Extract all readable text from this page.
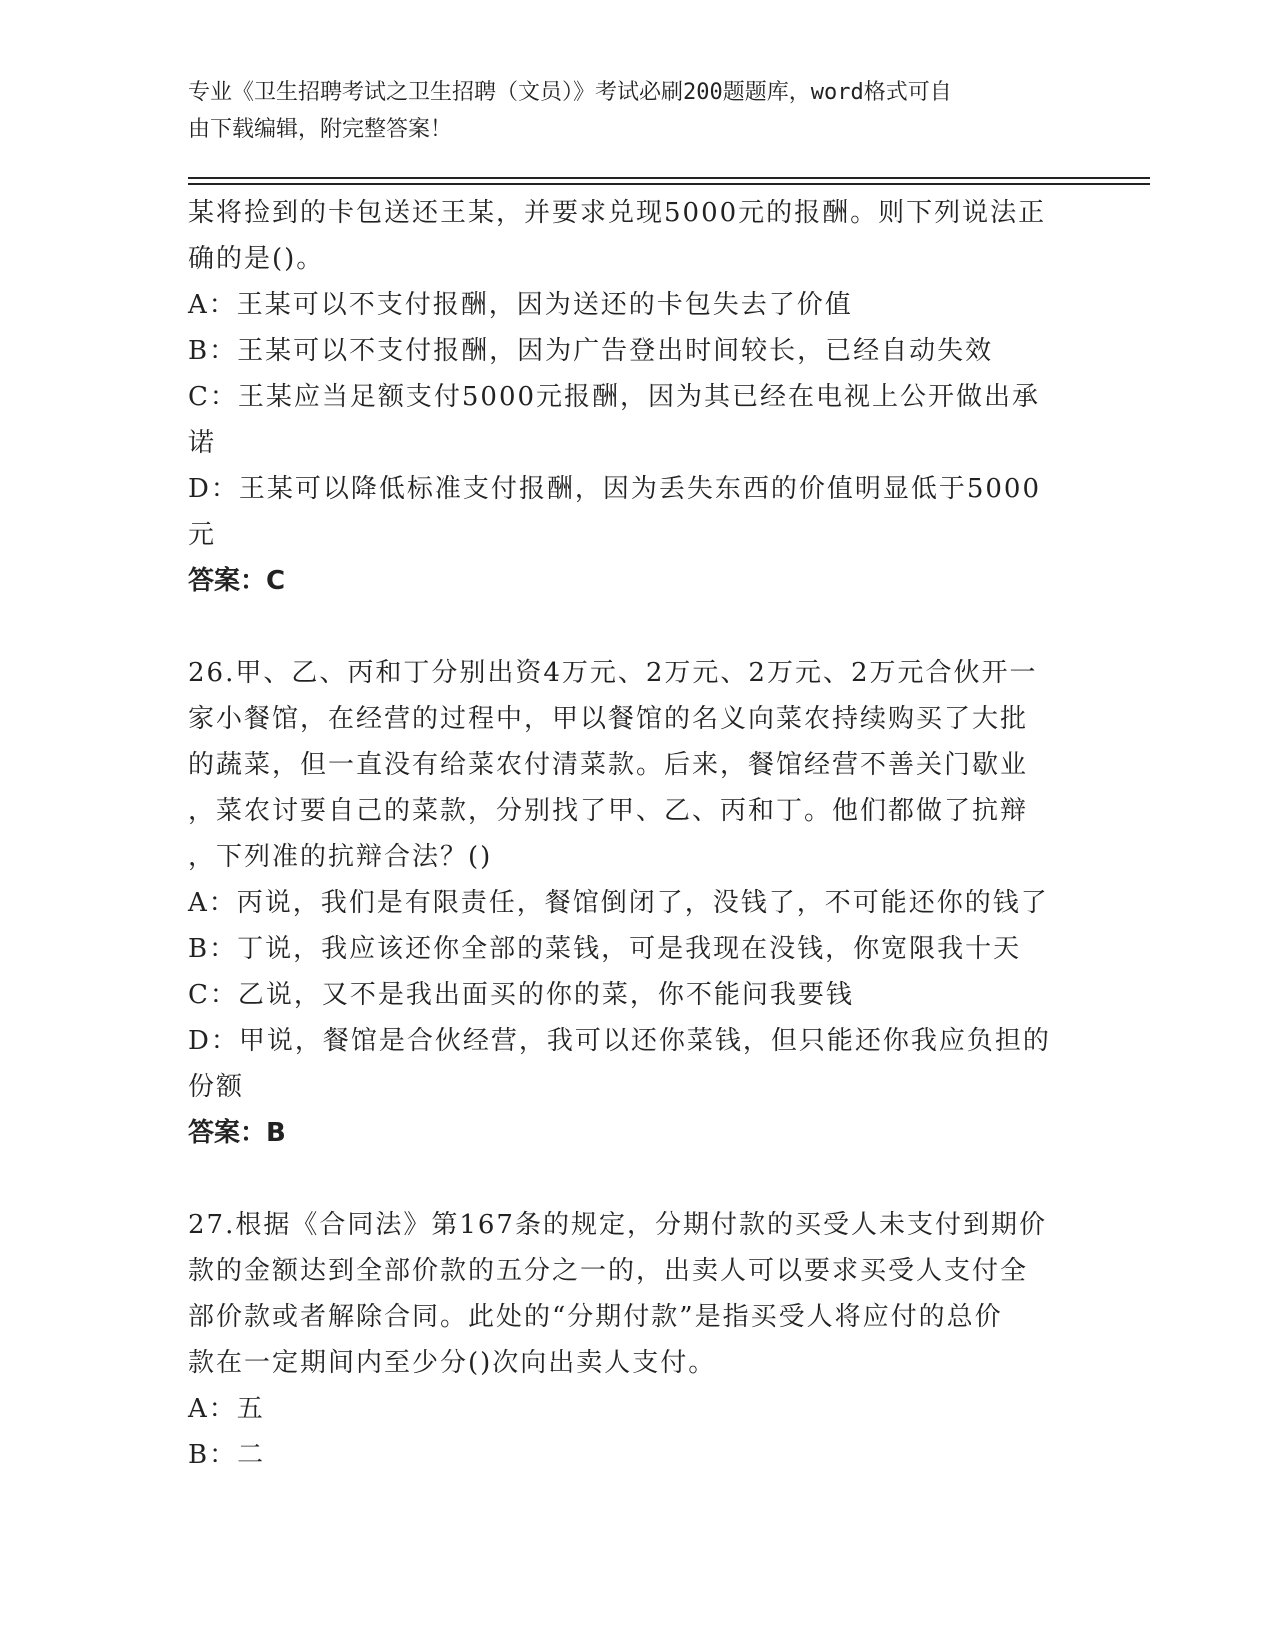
专业《卫生招聘考试之卫生招聘（文员）》考试必刷200题题库，word格式可自
由下载编辑，附完整答案！
某将捡到的卡包送还王某，并要求兑现5000元的报酬。则下列说法正
确的是()。
A：王某可以不支付报酬，因为送还的卡包失去了价值
B：王某可以不支付报酬，因为广告登出时间较长，已经自动失效
C：王某应当足额支付5000元报酬，因为其已经在电视上公开做出承
诺
D：王某可以降低标准支付报酬，因为丢失东西的价值明显低于5000
元
答案：C
26.甲、乙、丙和丁分别出资4万元、2万元、2万元、2万元合伙开一
家小餐馆，在经营的过程中，甲以餐馆的名义向菜农持续购买了大批
的蔬菜，但一直没有给菜农付清菜款。后来，餐馆经营不善关门歇业
，菜农讨要自己的菜款，分别找了甲、乙、丙和丁。他们都做了抗辩
，下列准的抗辩合法？()
A：丙说，我们是有限责任，餐馆倒闭了，没钱了，不可能还你的钱了
B：丁说，我应该还你全部的菜钱，可是我现在没钱，你宽限我十天
C：乙说，又不是我出面买的你的菜，你不能问我要钱
D：甲说，餐馆是合伙经营，我可以还你菜钱，但只能还你我应负担的
份额
答案：B
27.根据《合同法》第167条的规定，分期付款的买受人未支付到期价
款的金额达到全部价款的五分之一的，出卖人可以要求买受人支付全
部价款或者解除合同。此处的“分期付款”是指买受人将应付的总价
款在一定期间内至少分()次向出卖人支付。
A：五
B：二
